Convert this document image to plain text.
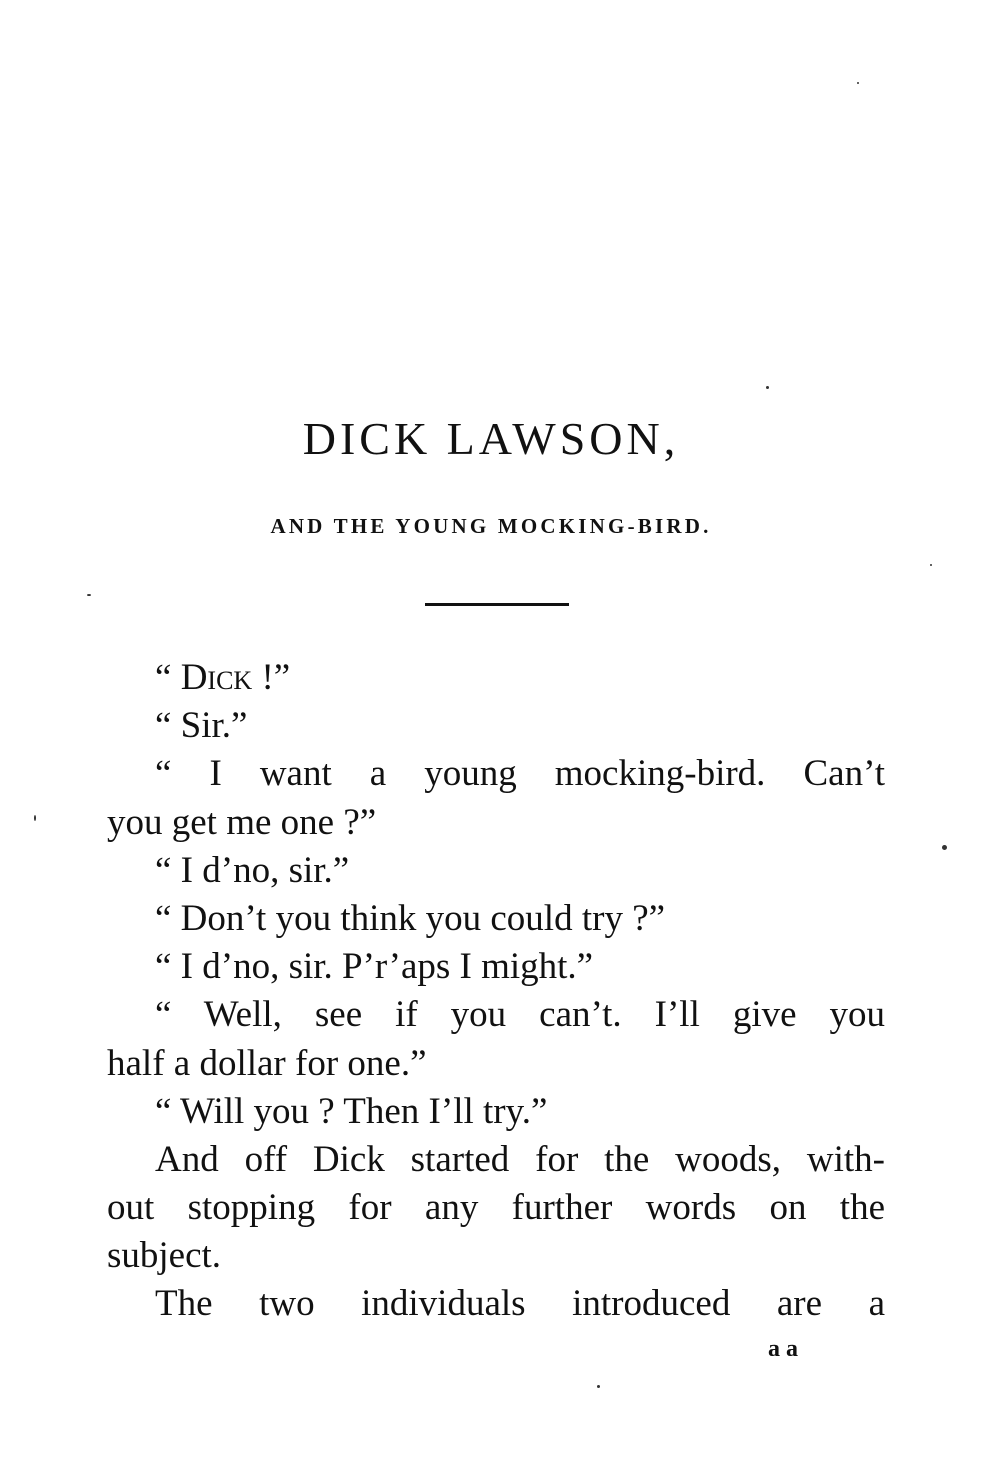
DICK LAWSON,
AND THE YOUNG MOCKING-BIRD.
“ Dick !”
“ Sir.”
“ I want a young mocking-bird. Can’t
you get me one ?”
“ I d’no, sir.”
“ Don’t you think you could try ?”
“ I d’no, sir. P’r’aps I might.”
“ Well, see if you can’t. I’ll give you
half a dollar for one.”
“ Will you ? Then I’ll try.”
And off Dick started for the woods, with-
out stopping for any further words on the
subject.
The two individuals introduced are a
a a
